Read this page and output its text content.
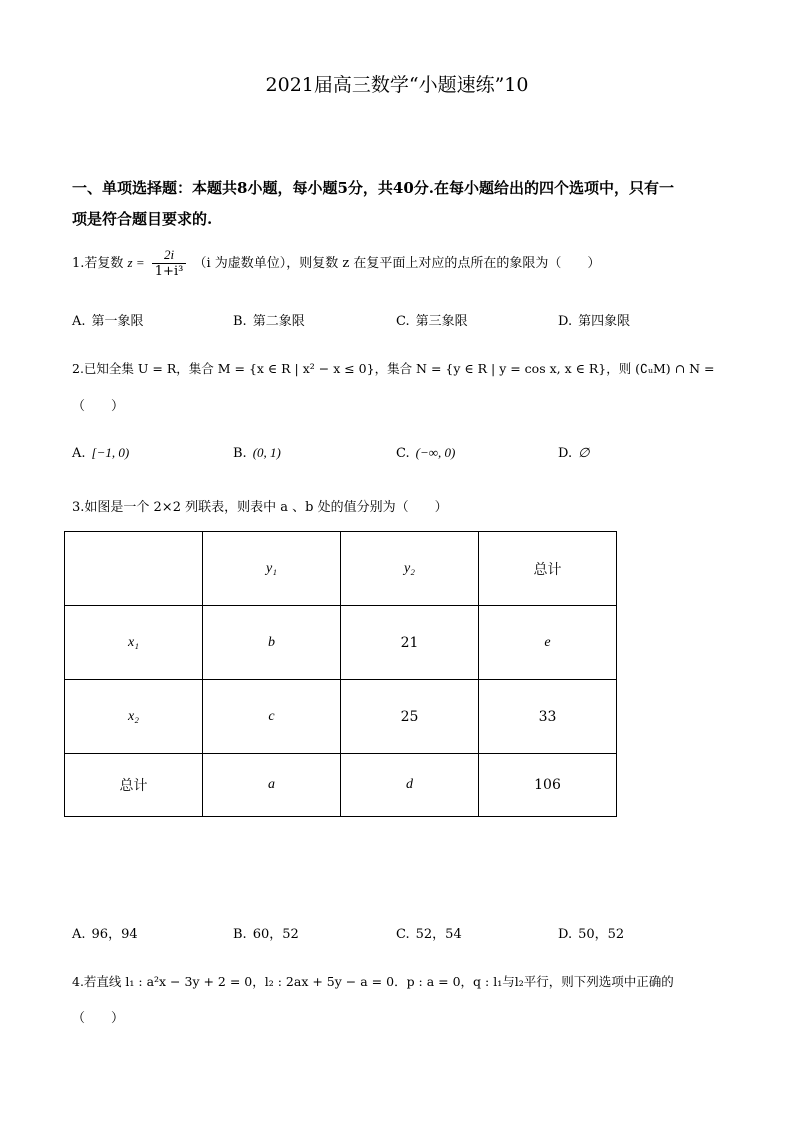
2021届高三数学“小题速练”10
一、单项选择题：本题共8小题，每小题5分，共40分.在每小题给出的四个选项中，只有一
项是符合题目要求的.
1.若复数 $z = \frac{2i}{\text{1+i³}} (i$ 为虚数单位），则复数 z 在复平面上对应的点所在的象限为（　　）
A. 第一象限	B. 第二象限	C. 第三象限	D. 第四象限
2.已知全集 U = R，集合 M = {x ∈ R | x² − x ≤ 0}，集合 N = {y ∈ R | y = cos x, x ∈ R}，则 (∁ᵤM) ∩ N =
（　　）
A. [−1, 0)	B. (0, 1)	C. (−∞, 0)	D. ∅
3.如图是一个 2×2 列联表，则表中 a 、b 处的值分别为（　　）
	y₁	y₂	总计
x₁	b	21	e
x₂	c	25	33
总计	a	d	106
A. 96，94	B. 60，52	C. 52，54	D. 50，52
4.若直线 l₁ : a²x − 3y + 2 = 0，l₂ : 2ax + 5y − a = 0．p : a = 0，q : l₁与l₂平行，则下列选项中正确的
（　　）
